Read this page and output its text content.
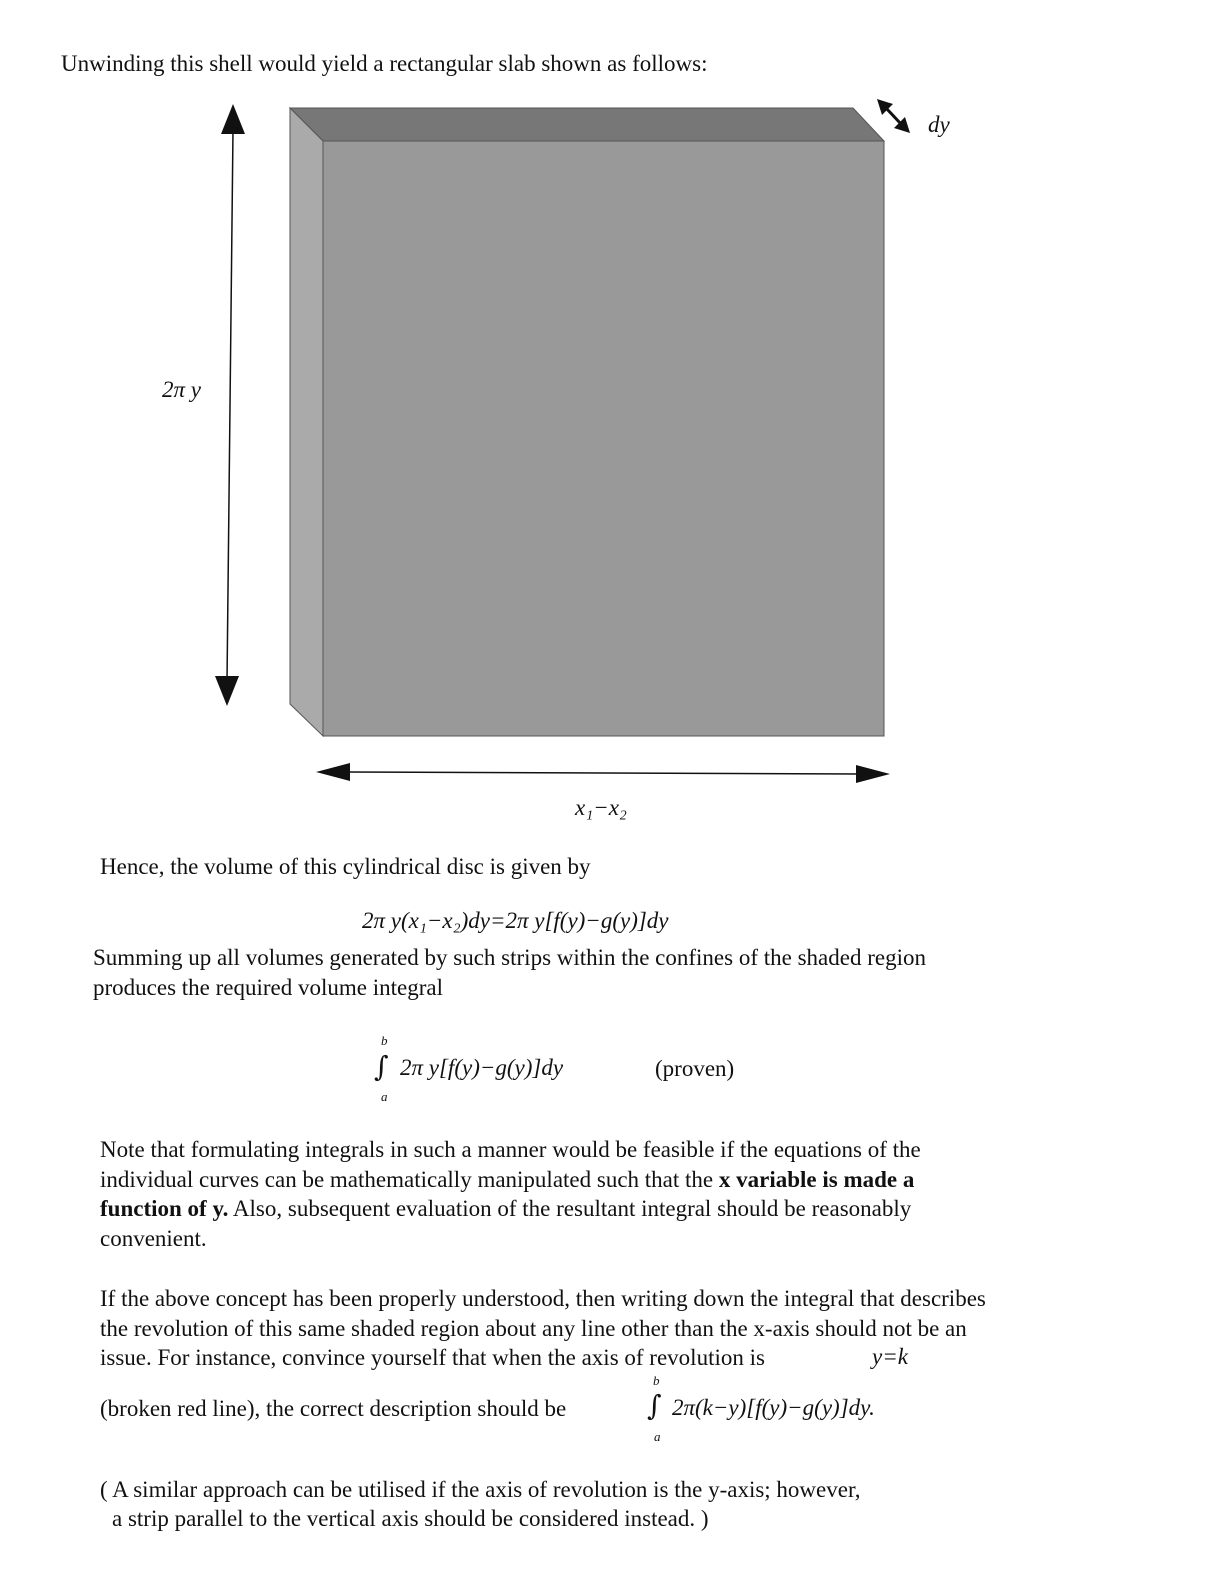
Unwinding this shell would yield a rectangular slab shown as follows:
2π y
x₁−x₂
dy
Hence, the volume of this cylindrical disc is given by
2π y(x₁−x₂)dy=2π y[f(y)−g(y)]dy
Summing up all volumes generated by such strips within the confines of the shaded region
produces the required volume integral
b
∫
a
2π y[f(y)−g(y)]dy	(proven)
Note that formulating integrals in such a manner would be feasible if the equations of the
individual curves can be mathematically manipulated such that the x variable is made a
function of y. Also, subsequent evaluation of the resultant integral should be reasonably
convenient.
If the above concept has been properly understood, then writing down the integral that describes
the revolution of this same shaded region about any line other than the x-axis should not be an
issue. For instance, convince yourself that when the axis of revolution is	y=k
(broken red line), the correct description should be
b
∫
a
2π(k−y)[f(y)−g(y)]dy.
( A similar approach can be utilised if the axis of revolution is the y-axis; however,
a strip parallel to the vertical axis should be considered instead. )
